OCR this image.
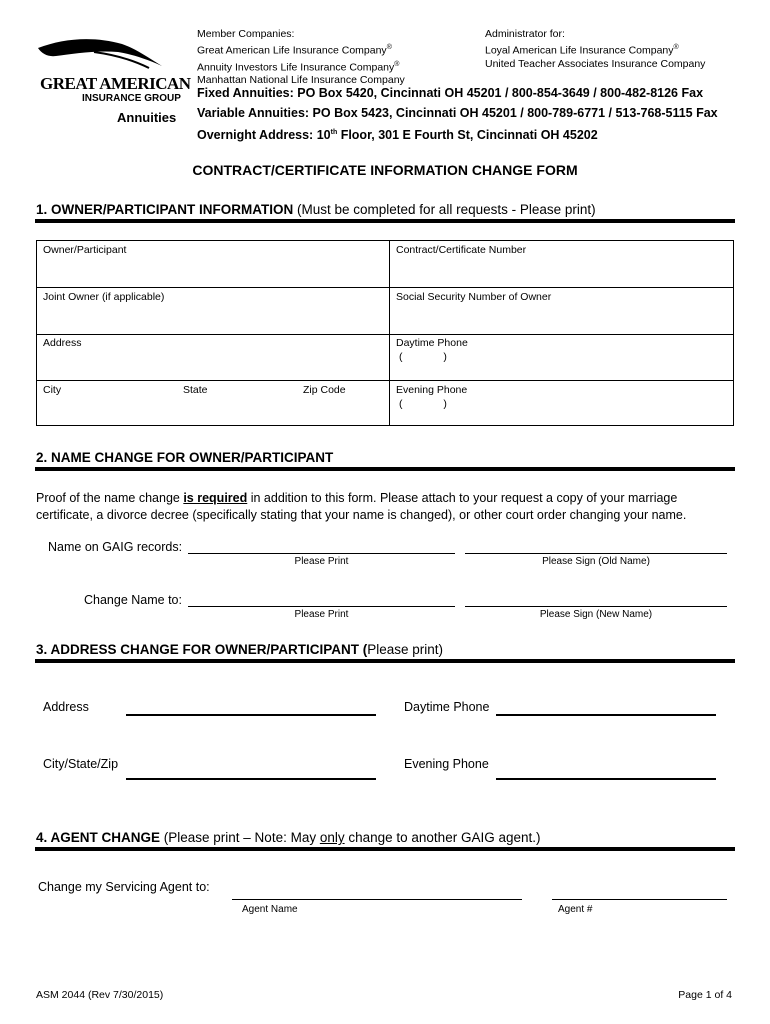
GREAT AMERICAN
INSURANCE GROUP
Annuities
Member Companies:
Great American Life Insurance Company®
Annuity Investors Life Insurance Company®
Manhattan National Life Insurance Company
Administrator for:
Loyal American Life Insurance Company®
United Teacher Associates Insurance Company
Fixed Annuities: PO Box 5420, Cincinnati OH 45201 / 800-854-3649 / 800-482-8126 Fax
Variable Annuities: PO Box 5423, Cincinnati OH 45201 / 800-789-6771 / 513-768-5115 Fax
Overnight Address: 10th Floor, 301 E Fourth St, Cincinnati OH 45202
CONTRACT/CERTIFICATE INFORMATION CHANGE FORM
1. OWNER/PARTICIPANT INFORMATION (Must be completed for all requests - Please print)
Owner/Participant	Contract/Certificate Number
Joint Owner (if applicable)	Social Security Number of Owner
Address	Daytime Phone
(              )
City	State	Zip Code	Evening Phone
(              )
2. NAME CHANGE FOR OWNER/PARTICIPANT
Proof of the name change is required in addition to this form. Please attach to your request a copy of your marriage certificate, a divorce decree (specifically stating that your name is changed), or other court order changing your name.
Name on GAIG records:
Please Print	Please Sign (Old Name)
Change Name to:
Please Print	Please Sign (New Name)
3. ADDRESS CHANGE FOR OWNER/PARTICIPANT (Please print)
Address	Daytime Phone
City/State/Zip	Evening Phone
4. AGENT CHANGE (Please print – Note: May only change to another GAIG agent.)
Change my Servicing Agent to:
Agent Name	Agent #
ASM 2044 (Rev 7/30/2015)	Page 1 of 4
